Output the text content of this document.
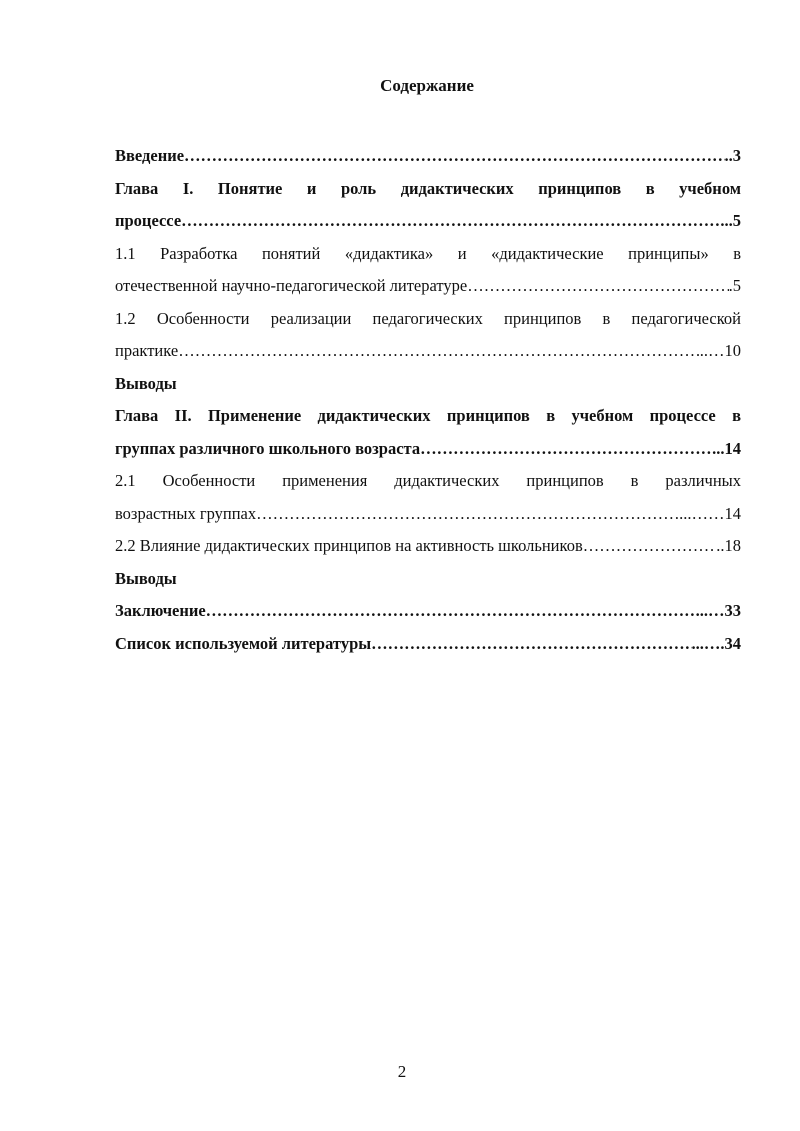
Содержание
Введение ……………………………………………………………………………………………………………………………………………………………………………………………………	..3
Глава I. Понятие и роль дидактических принципов в учебном
процессе ……………………………………………………………………………………………………………………………………………………………………………………………………	...5
1.1 Разработка понятий «дидактика» и «дидактические принципы» в
отечественной научно-педагогической литературе ……………………………………………………………………………………………………………………………………………………………………………………………………	.5
1.2 Особенности реализации педагогических принципов в педагогической
практике ……………………………………………………………………………………………………………………………………………………………………………………………………	..…10
Выводы
Глава II. Применение дидактических принципов в учебном процессе в
группах различного школьного возраста ……………………………………………………………………………………………………………………………………………………………………………………………………	...14
2.1 Особенности применения дидактических принципов в различных
возрастных группах ……………………………………………………………………………………………………………………………………………………………………………………………………	...……14
2.2 Влияние дидактических принципов на активность школьников ……………………………………………………………………………………………………………………………………………………………………………………………………	..18
Выводы
Заключение ……………………………………………………………………………………………………………………………………………………………………………………………………	...…33
Список используемой литературы ……………………………………………………………………………………………………………………………………………………………………………………………………	...….34
2
